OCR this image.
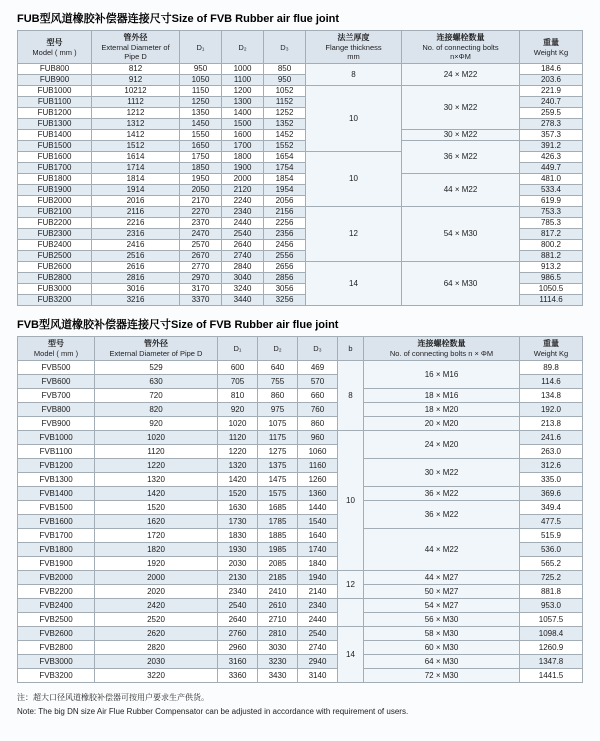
FUB型风道橡胶补偿器连接尺寸Size of FVB Rubber air flue joint
型号
Model ( mm )

管外径
External Diameter of
Pipe D

D₁	D₂	D₃

法兰厚度
Flange thickness
mm

连接螺栓数量
No. of connecting bolts
n×ΦM

重量
Weight Kg

FUB800	812	950	1000	850	8	24 × M22	184.6
FUB900	912	1050	1100	950			203.6
FUB1000	10212	1150	1200	1052	10	30 × M22	221.9
FUB1100	1112	1250	1300	1152			240.7
FUB1200	1212	1350	1400	1252			259.5
FUB1300	1312	1450	1500	1352			278.3
FUB1400	1412	1550	1600	1452		30 × M22	357.3
FUB1500	1512	1650	1700	1552		36 × M22	391.2
FUB1600	1614	1750	1800	1654	10		426.3
FUB1700	1714	1850	1900	1754			449.7
FUB1800	1814	1950	2000	1854		44 × M22	481.0
FUB1900	1914	2050	2120	1954			533.4
FUB2000	2016	2170	2240	2056			619.9
FUB2100	2116	2270	2340	2156	12	54 × M30	753.3
FUB2200	2216	2370	2440	2256			785.3
FUB2300	2316	2470	2540	2356			817.2
FUB2400	2416	2570	2640	2456			800.2
FUB2500	2516	2670	2740	2556			881.2
FUB2600	2616	2770	2840	2656	14	64 × M30	913.2
FUB2800	2816	2970	3040	2856			986.5
FUB3000	3016	3170	3240	3056			1050.5
FUB3200	3216	3370	3440	3256			1114.6
FVB型风道橡胶补偿器连接尺寸Size of FVB Rubber air flue joint
型号
Model ( mm )

管外径
External Diameter of Pipe D

D₁	D₂	D₃	b

连接螺栓数量
No. of connecting bolts n × ΦM

重量
Weight Kg

FVB500	529	600	640	469	8	16 × M16	89.8
FVB600	630	705	755	570			114.6
FVB700	720	810	860	660		18 × M16	134.8
FVB800	820	920	975	760		18 × M20	192.0
FVB900	920	1020	1075	860		20 × M20	213.8
FVB1000	1020	1120	1175	960	10	24 × M20	241.6
FVB1100	1120	1220	1275	1060			263.0
FVB1200	1220	1320	1375	1160		30 × M22	312.6
FVB1300	1320	1420	1475	1260			335.0
FVB1400	1420	1520	1575	1360		36 × M22	369.6
FVB1500	1520	1630	1685	1440		36 × M22	349.4
FVB1600	1620	1730	1785	1540			477.5
FVB1700	1720	1830	1885	1640		44 × M22	515.9
FVB1800	1820	1930	1985	1740			536.0
FVB1900	1920	2030	2085	1840			565.2
FVB2000	2000	2130	2185	1940	12	44 × M27	725.2
FVB2200	2020	2340	2410	2140		50 × M27	881.8
FVB2400	2420	2540	2610	2340		54 × M27	953.0
FVB2500	2520	2640	2710	2440		56 × M30	1057.5
FVB2600	2620	2760	2810	2540	14	58 × M30	1098.4
FVB2800	2820	2960	3030	2740		60 × M30	1260.9
FVB3000	2030	3160	3230	2940		64 × M30	1347.8
FVB3200	3220	3360	3430	3140		72 × M30	1441.5

注：超大口径风道橡胶补偿器可按用户要求生产供货。

Note: The big DN size Air Flue Rubber Compensator can be adjusted in accordance with requirement of users.
